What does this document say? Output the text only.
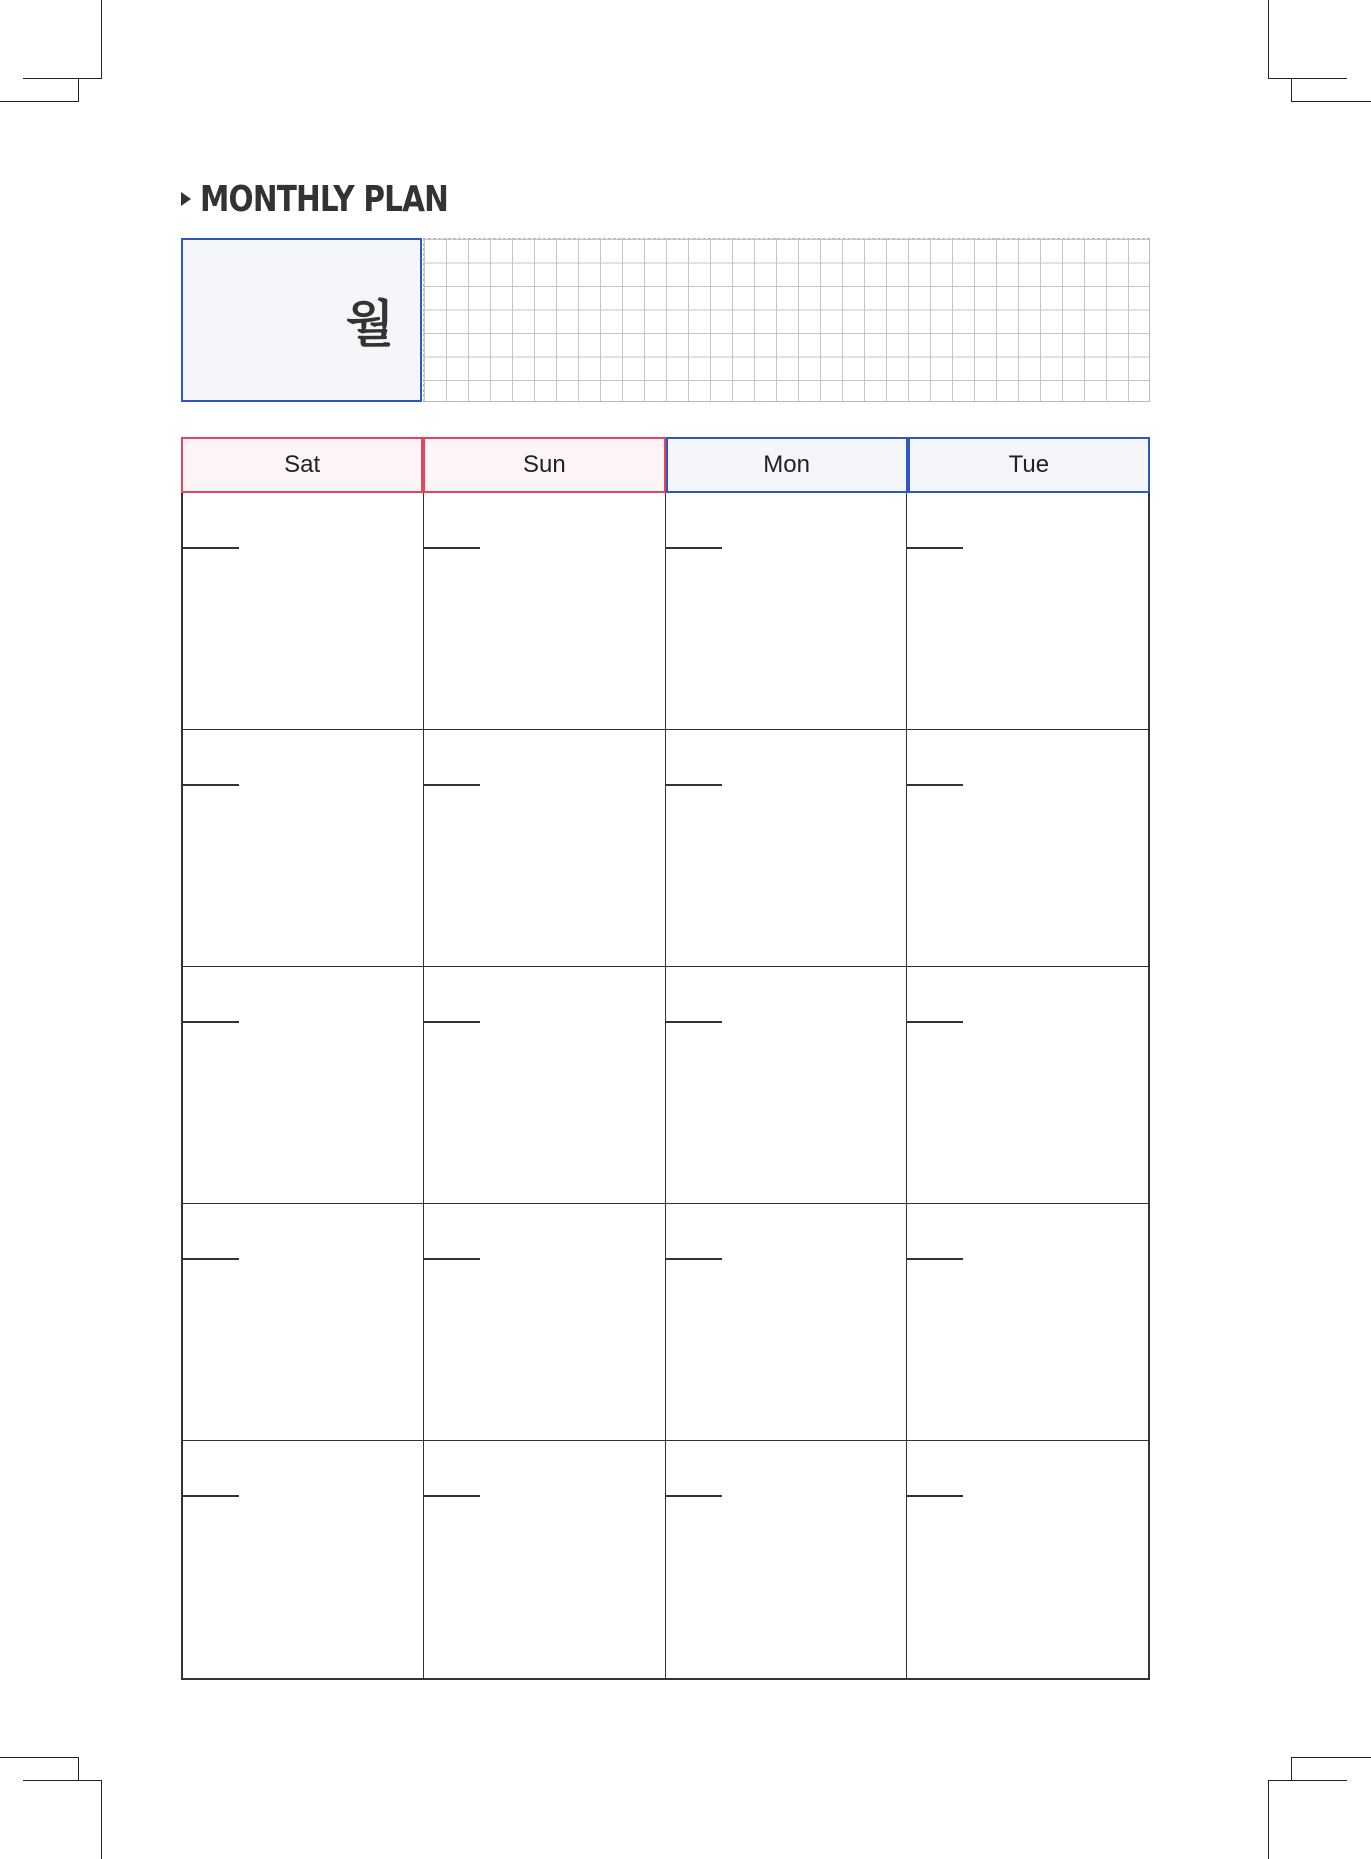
MONTHLY PLAN
월
Sat	Sun	Mon	Tue
